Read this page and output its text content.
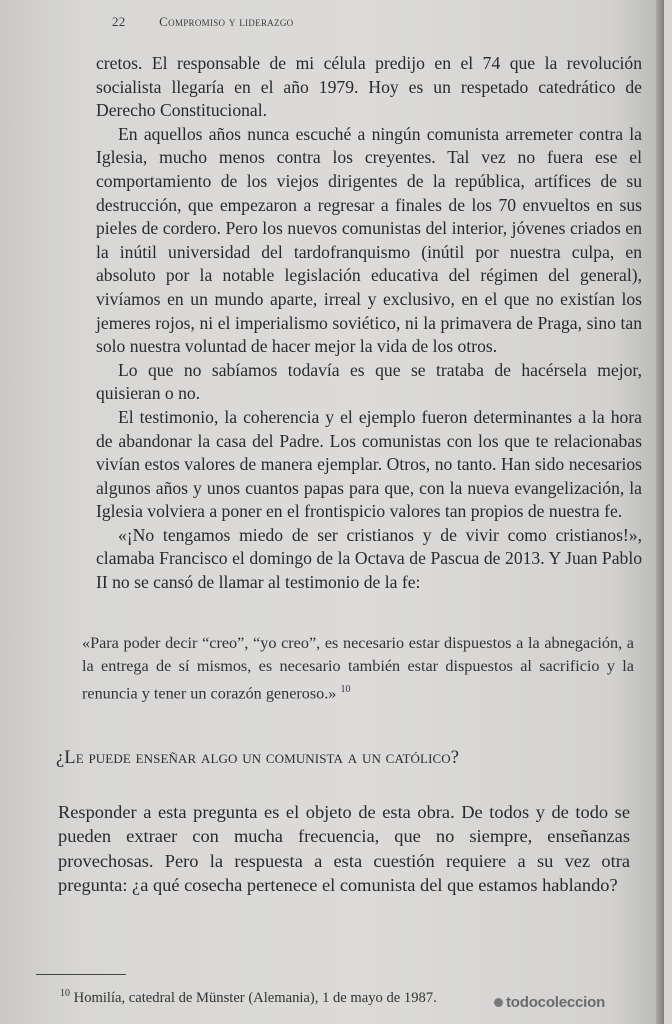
22	Compromiso y liderazgo

cretos. El responsable de mi célula predijo en el 74 que la revolución socialista llegaría en el año 1979. Hoy es un respetado catedrático de Derecho Constitucional.

En aquellos años nunca escuché a ningún comunista arremeter contra la Iglesia, mucho menos contra los creyentes. Tal vez no fuera ese el comportamiento de los viejos dirigentes de la república, artífices de su destrucción, que empezaron a regresar a finales de los 70 envueltos en sus pieles de cordero. Pero los nuevos comunistas del interior, jóvenes criados en la inútil universidad del tardofranquismo (inútil por nuestra culpa, en absoluto por la notable legislación educativa del régimen del general), vivíamos en un mundo aparte, irreal y exclusivo, en el que no existían los jemeres rojos, ni el imperialismo soviético, ni la primavera de Praga, sino tan solo nuestra voluntad de hacer mejor la vida de los otros.

Lo que no sabíamos todavía es que se trataba de hacérsela mejor, quisieran o no.

El testimonio, la coherencia y el ejemplo fueron determinantes a la hora de abandonar la casa del Padre. Los comunistas con los que te relacionabas vivían estos valores de manera ejemplar. Otros, no tanto. Han sido necesarios algunos años y unos cuantos papas para que, con la nueva evangelización, la Iglesia volviera a poner en el frontispicio valores tan propios de nuestra fe.

«¡No tengamos miedo de ser cristianos y de vivir como cristianos!», clamaba Francisco el domingo de la Octava de Pascua de 2013. Y Juan Pablo II no se cansó de llamar al testimonio de la fe:

«Para poder decir “creo”, “yo creo”, es necesario estar dispuestos a la abnegación, a la entrega de sí mismos, es necesario también estar dispuestos al sacrificio y la renuncia y tener un corazón generoso.» $^{10}$
¿Le puede enseñar algo un comunista a un católico?
Responder a esta pregunta es el objeto de esta obra. De todos y de todo se pueden extraer con mucha frecuencia, que no siempre, enseñanzas provechosas. Pero la respuesta a esta cuestión requiere a su vez otra pregunta: ¿a qué cosecha pertenece el comunista del que estamos hablando?
$^{10}$ Homilía, catedral de Münster (Alemania), 1 de mayo de 1987.	todocoleccion
